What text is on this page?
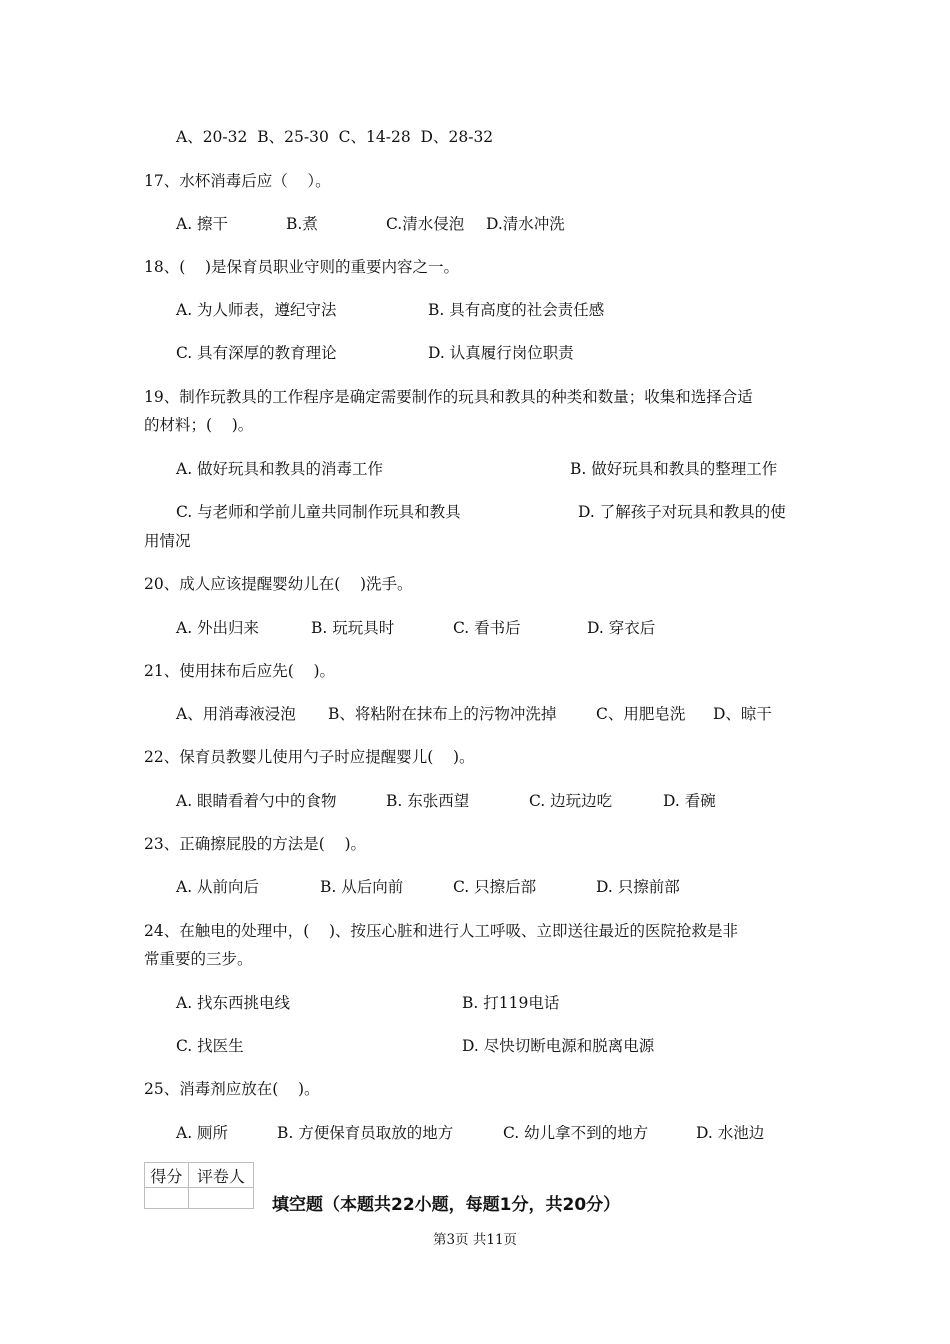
A、20-32  B、25-30  C、14-28  D、28-32
17、水杯消毒后应（    ）。
A. 擦干	B.煮	C.清水侵泡 D.清水冲洗
18、(    )是保育员职业守则的重要内容之一。
A. 为人师表，遵纪守法	B. 具有高度的社会责任感
C. 具有深厚的教育理论	D. 认真履行岗位职责
19、制作玩教具的工作程序是确定需要制作的玩具和教具的种类和数量；收集和选择合适
的材料；(    )。
A. 做好玩具和教具的消毒工作	B. 做好玩具和教具的整理工作
C. 与老师和学前儿童共同制作玩具和教具	D. 了解孩子对玩具和教具的使
用情况
20、成人应该提醒婴幼儿在(    )洗手。
A. 外出归来	B. 玩玩具时	C. 看书后	D. 穿衣后
21、使用抹布后应先(    )。
A、用消毒液浸泡 B、将粘附在抹布上的污物冲洗掉	C、用肥皂洗 D、晾干
22、保育员教婴儿使用勺子时应提醒婴儿(    )。
A. 眼睛看着勺中的食物	B. 东张西望	C. 边玩边吃	D. 看碗
23、正确擦屁股的方法是(    )。
A. 从前向后	B. 从后向前	C. 只擦后部	D. 只擦前部
24、在触电的处理中，(    )、按压心脏和进行人工呼吸、立即送往最近的医院抢救是非
常重要的三步。
A. 找东西挑电线	B. 打119电话
C. 找医生	D. 尽快切断电源和脱离电源
25、消毒剂应放在(    )。
A. 厕所	B. 方便保育员取放的地方	C. 幼儿拿不到的地方	D. 水池边
得分	评卷人

填空题（本题共22小题，每题1分，共20分）
第3页 共11页
